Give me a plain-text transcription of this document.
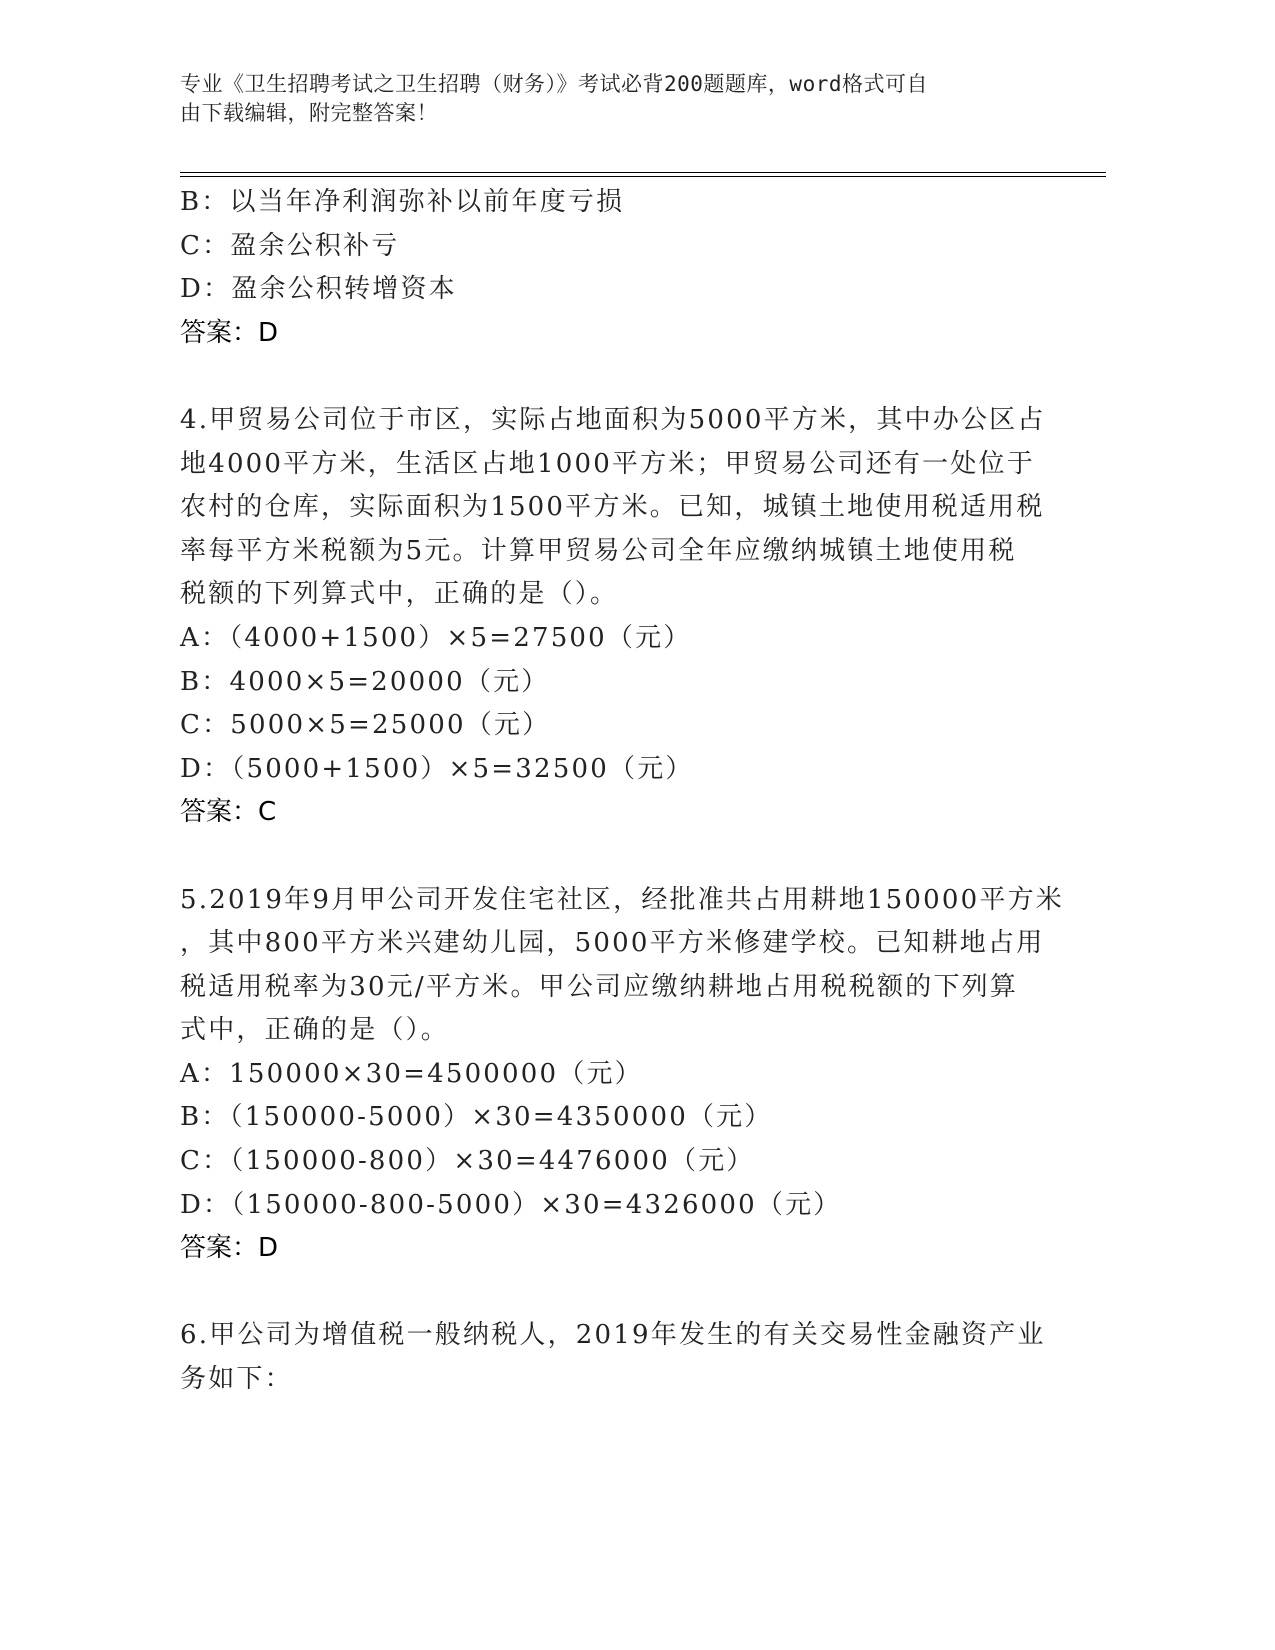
专业《卫生招聘考试之卫生招聘（财务）》考试必背200题题库，word格式可自
由下载编辑，附完整答案！
B：以当年净利润弥补以前年度亏损
C：盈余公积补亏
D：盈余公积转增资本
答案：D
4.甲贸易公司位于市区，实际占地面积为5000平方米，其中办公区占
地4000平方米，生活区占地1000平方米；甲贸易公司还有一处位于
农村的仓库，实际面积为1500平方米。已知，城镇土地使用税适用税
率每平方米税额为5元。计算甲贸易公司全年应缴纳城镇土地使用税
税额的下列算式中，正确的是（）。
A：（4000+1500）×5=27500（元）
B：4000×5=20000（元）
C：5000×5=25000（元）
D：（5000+1500）×5=32500（元）
答案：C
5.2019年9月甲公司开发住宅社区，经批准共占用耕地150000平方米
，其中800平方米兴建幼儿园，5000平方米修建学校。已知耕地占用
税适用税率为30元/平方米。甲公司应缴纳耕地占用税税额的下列算
式中，正确的是（）。
A：150000×30=4500000（元）
B：（150000-5000）×30=4350000（元）
C：（150000-800）×30=4476000（元）
D：（150000-800-5000）×30=4326000（元）
答案：D
6.甲公司为增值税一般纳税人，2019年发生的有关交易性金融资产业
务如下：
